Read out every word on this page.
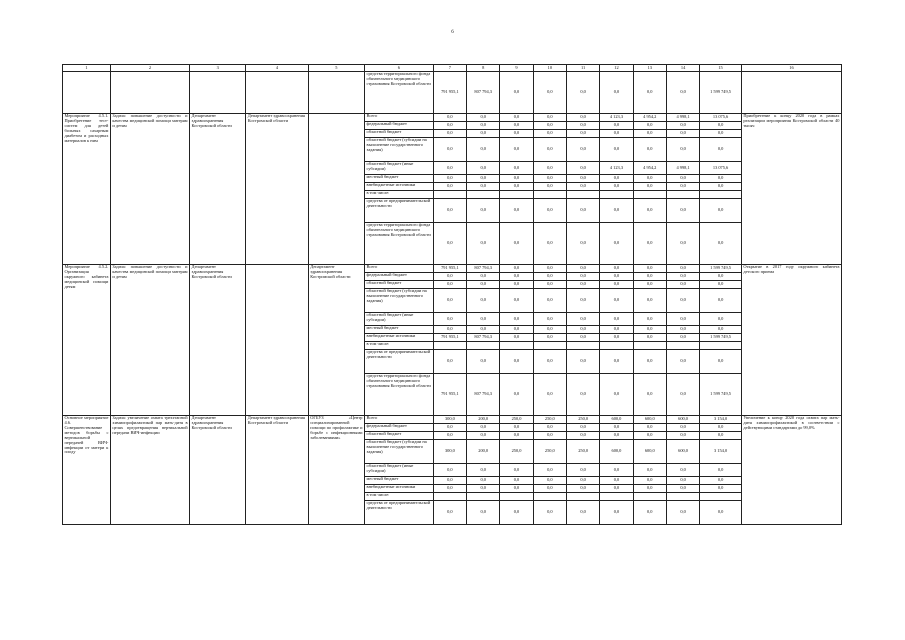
6
1	2	3	4	5	6	7	8	9	10	11	12	13	14	15	16
					средства территориального фонда обязательного медицинского страхования Костромской области	791 955,1	807 794,3	0,0	0,0	0,0	0,0	0,0	0,0	1 599 749,5	
Мероприятие 4.5.1. Приобретение тест-систем для детей больных сахарным диабетом и расходных материалов к ним	Задача: повышение доступности и качества медицинской помощи матерям и детям	Департамент здравоохранения Костромской области	Департамент здравоохранения Костромской области		Всего	0,0	0,0	0,0	0,0	0,0	4 123,3	4 954,2	4 998,1	13 075,6	Приобретение к концу 2020 года в рамках реализации мероприятия Костромской области 40 тысяч
					федеральный бюджет	0,0	0,0	0,0	0,0	0,0	0,0	0,0	0,0	0,0	
					областной бюджет	0,0	0,0	0,0	0,0	0,0	0,0	0,0	0,0	0,0	
					областной бюджет (субсидии на выполнение государственного задания)	0,0	0,0	0,0	0,0	0,0	0,0	0,0	0,0	0,0	
					областной бюджет (иные субсидии)	0,0	0,0	0,0	0,0	0,0	4 123,3	4 954,2	4 998,1	13 075,6	
					местный бюджет	0,0	0,0	0,0	0,0	0,0	0,0	0,0	0,0	0,0	
					внебюджетные источники	0,0	0,0	0,0	0,0	0,0	0,0	0,0	0,0	0,0	
					в том числе:										
					средства от предпринимательской деятельности	0,0	0,0	0,0	0,0	0,0	0,0	0,0	0,0	0,0	
					средства территориального фонда обязательного медицинского страхования Костромской области	0,0	0,0	0,0	0,0	0,0	0,0	0,0	0,0	0,0	
Мероприятие 4.5.2. Организация окружного кабинета медицинской помощи детям	Задача: повышение доступности и качества медицинской помощи матерям и детям	Департамент здравоохранения Костромской области		Департамент здравоохранения Костромской области	Всего	791 955,1	807 794,3	0,0	0,0	0,0	0,0	0,0	0,0	1 599 749,5	Открытие в 2017 году окружного кабинета детского приема
					федеральный бюджет	0,0	0,0	0,0	0,0	0,0	0,0	0,0	0,0	0,0	
					областной бюджет	0,0	0,0	0,0	0,0	0,0	0,0	0,0	0,0	0,0	
					областной бюджет (субсидии на выполнение государственного задания)	0,0	0,0	0,0	0,0	0,0	0,0	0,0	0,0	0,0	
					областной бюджет (иные субсидии)	0,0	0,0	0,0	0,0	0,0	0,0	0,0	0,0	0,0	
					местный бюджет	0,0	0,0	0,0	0,0	0,0	0,0	0,0	0,0	0,0	
					внебюджетные источники	791 955,1	807 794,3	0,0	0,0	0,0	0,0	0,0	0,0	1 599 749,5	
					в том числе:										
					средства от предпринимательской деятельности	0,0	0,0	0,0	0,0	0,0	0,0	0,0	0,0	0,0	
					средства территориального фонда обязательного медицинского страхования Костромской области	791 955,1	807 794,3	0,0	0,0	0,0	0,0	0,0	0,0	1 599 749,5	
Основное мероприятие 4.6. Совершенствование методов борьбы с вертикальной передачей ВИЧ-инфекции от матери к плоду	Задача: увеличение охвата трехэтапной химиопрофилактикой пар мать-дитя в целях предотвращения вертикальной передачи ВИЧ-инфекции	Департамент здравоохранения Костромской области	Департамент здравоохранения Костромской области	ОГБУЗ «Центр специализированной помощи по профилактике и борьбе с инфекционными заболеваниями»	Всего	300,0	200,0	250,0	250,0	250,0	600,0	600,0	600,0	3 154,0	Увеличение к концу 2020 года охвата пар мать-дитя химиопрофилактикой в соответствии с действующими стандартами до 99,0%
					федеральный бюджет	0,0	0,0	0,0	0,0	0,0	0,0	0,0	0,0	0,0	
					областной бюджет	0,0	0,0	0,0	0,0	0,0	0,0	0,0	0,0	0,0	
					областной бюджет (субсидии на выполнение государственного задания)	300,0	200,0	250,0	250,0	250,0	600,0	600,0	600,0	3 154,0	
					областной бюджет (иные субсидии)	0,0	0,0	0,0	0,0	0,0	0,0	0,0	0,0	0,0	
					местный бюджет	0,0	0,0	0,0	0,0	0,0	0,0	0,0	0,0	0,0	
					внебюджетные источники	0,0	0,0	0,0	0,0	0,0	0,0	0,0	0,0	0,0	
					в том числе:										
					средства от предпринимательской деятельности	0,0	0,0	0,0	0,0	0,0	0,0	0,0	0,0	0,0	
